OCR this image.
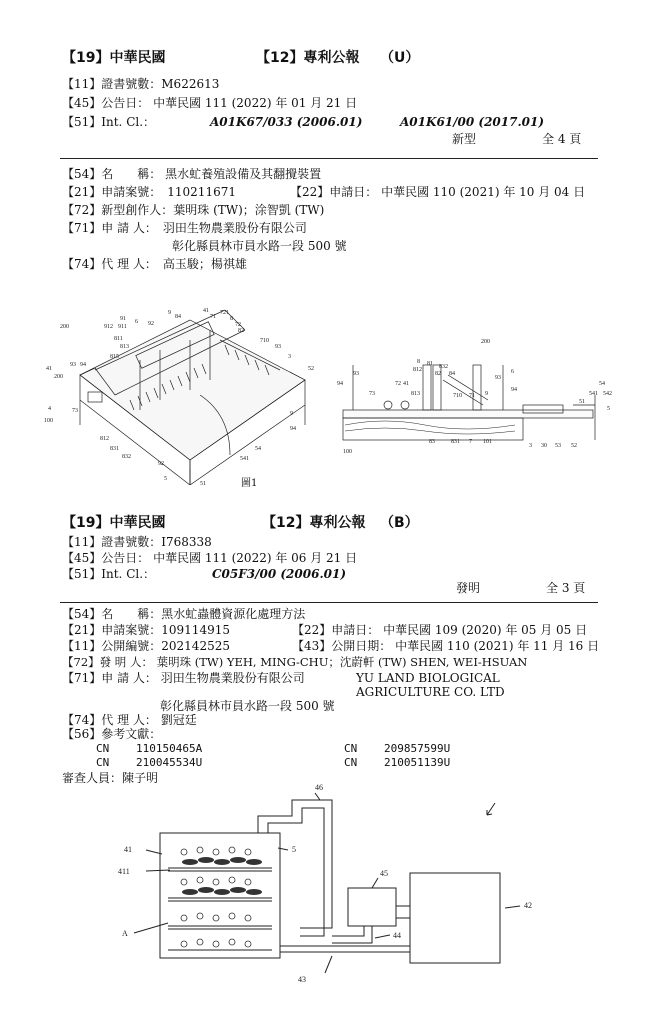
【19】中華民國	【12】專利公報 （U）
【11】證書號數：M622613
【45】公告日： 中華民國 111 (2022) 年 01 月 21 日
【51】Int. Cl.：	A01K67/033 (2006.01)	A01K61/00 (2017.01)
新型	全 4 頁
【54】名　　稱： 黑水虻養殖設備及其翻攪裝置
【21】申請案號：　110211671	【22】申請日： 中華民國 110 (2021) 年 10 月 04 日
【72】新型創作人：葉明珠 (TW)；涂智凱 (TW)
【71】申 請 人：　羽田生物農業股份有限公司
彰化縣員林市員水路一段 500 號
【74】代 理 人：　高玉駿；楊祺雄
200
91 6 92
9
84
41
71
721
8
912 911
811
813
815
93 94
41
200
4
100
73
710
93
3
52
54
541
5
51
72
82
812
831
832
94
92
9
200
8 81 832
812
82 84
813	710 71
72 41
73
94
93	6
93
94
9
54
541 542
5
51
52
53
30
3
101
7
831
83
100
圖1
【19】中華民國	【12】專利公報 （B）
【11】證書號數：I768338
【45】公告日： 中華民國 111 (2022) 年 06 月 21 日
【51】Int. Cl.：	C05F3/00 (2006.01)
發明	全 3 頁
【54】名　　稱：黑水虻蟲體資源化處理方法
【21】申請案號：109114915	【22】申請日： 中華民國 109 (2020) 年 05 月 05 日
【11】公開編號：202142525	【43】公開日期： 中華民國 110 (2021) 年 11 月 16 日
【72】發 明 人： 葉明珠 (TW) YEH, MING-CHU；沈蔚軒 (TW) SHEN, WEI-HSUAN
【71】申 請 人： 羽田生物農業股份有限公司	YU LAND BIOLOGICAL
AGRICULTURE CO. LTD
彰化縣員林市員水路一段 500 號
【74】代 理 人： 劉冠廷
【56】參考文獻：
CN 110150465A	CN 209857599U
CN 210045534U	CN 210051139U
審查人員：陳子明
46
41
411
5
45
42
A	44
43
